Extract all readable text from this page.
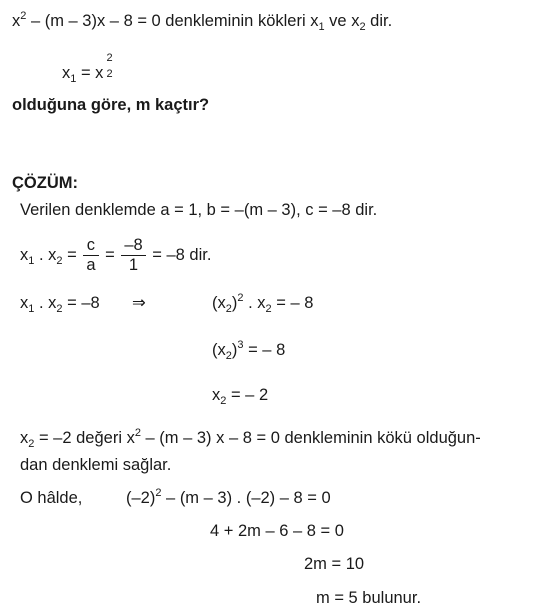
$x^2 - (m - 3)x - 8 = 0$ denkleminin kökleri $x_1$ ve $x_2$ dir.
$x_1 = x$
2
2
olduğuna göre, m kaçtır?
ÇÖZÜM:
Verilen denklemde a = 1, b = –(m – 3), c = –8 dir.
$x_1$ . $x_2 = \frac{c}{a} = \frac{-8}{1} = -8$ dir.
$x_1$ . $x_2 = -8$ ⇒	$(x_2)^2$ . $x_2$ = – 8
$(x_2)^3$ = – 8
$x_2$ = – 2
$x_2 = -2$ değeri $x^2 - (m - 3)$ x – 8 = 0 denkleminin kökü olduğun-
dan denklemi sağlar.
O hâlde,	$(-2)^2 - (m - 3)$ . (–2) – 8 = 0
4 + 2m – 6 – 8 = 0
2m = 10
m = 5 bulunur.
